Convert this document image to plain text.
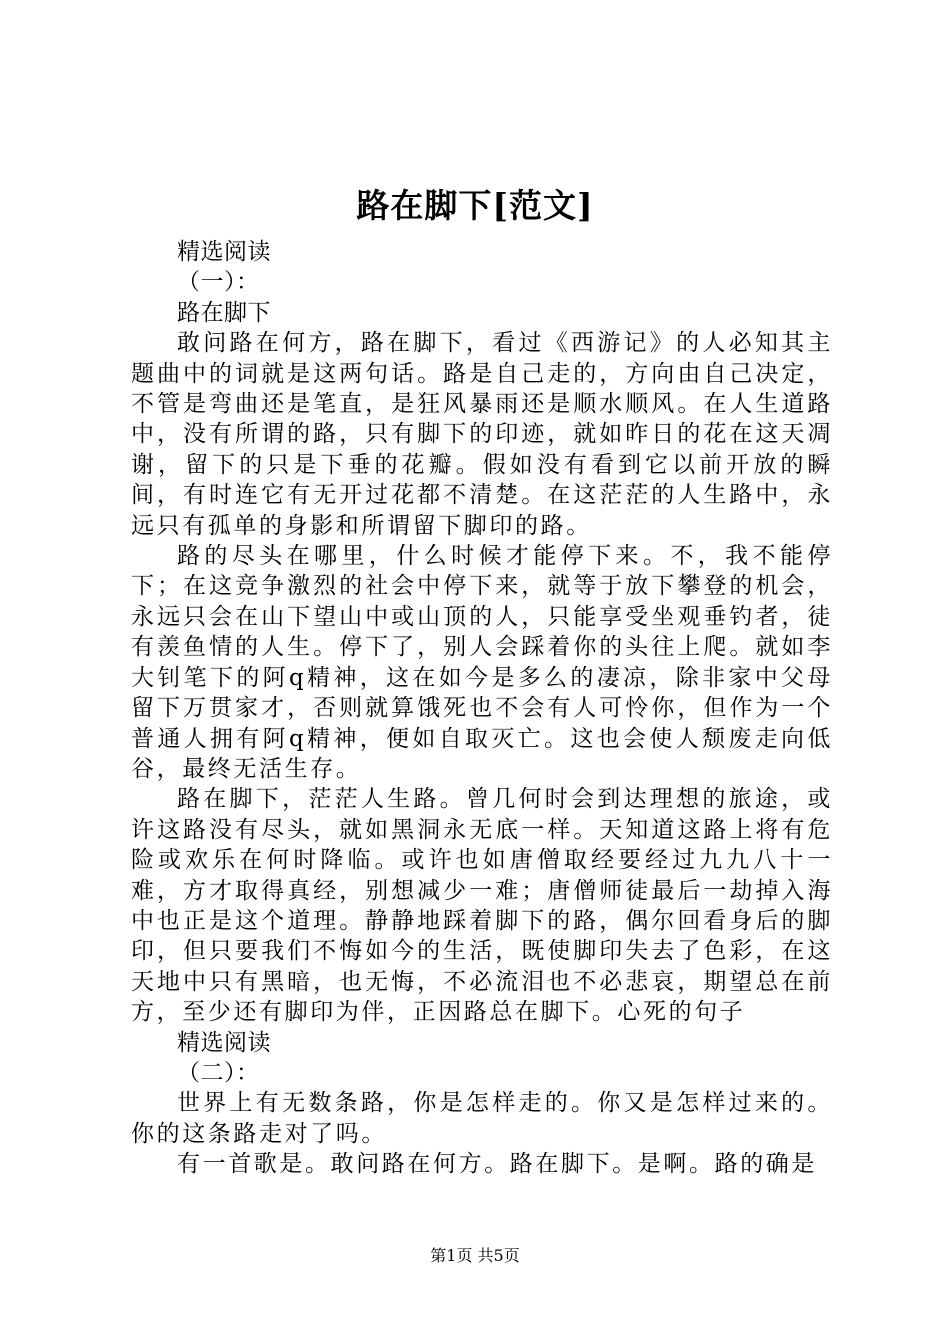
路在脚下[范文]

精选阅读

（一）：

路在脚下

敢问路在何方，路在脚下，看过《西游记》的人必知其主题曲中的词就是这两句话。路是自己走的，方向由自己决定，不管是弯曲还是笔直，是狂风暴雨还是顺水顺风。在人生道路中，没有所谓的路，只有脚下的印迹，就如昨日的花在这天凋谢，留下的只是下垂的花瓣。假如没有看到它以前开放的瞬间，有时连它有无开过花都不清楚。在这茫茫的人生路中，永远只有孤单的身影和所谓留下脚印的路。

路的尽头在哪里，什么时候才能停下来。不，我不能停下；在这竞争激烈的社会中停下来，就等于放下攀登的机会，永远只会在山下望山中或山顶的人，只能享受坐观垂钓者，徒有羡鱼情的人生。停下了，别人会踩着你的头往上爬。就如李大钊笔下的阿q精神，这在如今是多么的凄凉，除非家中父母留下万贯家才，否则就算饿死也不会有人可怜你，但作为一个普通人拥有阿q精神，便如自取灭亡。这也会使人颓废走向低谷，最终无活生存。

路在脚下，茫茫人生路。曾几何时会到达理想的旅途，或许这路没有尽头，就如黑洞永无底一样。天知道这路上将有危险或欢乐在何时降临。或许也如唐僧取经要经过九九八十一难，方才取得真经，别想减少一难；唐僧师徒最后一劫掉入海中也正是这个道理。静静地踩着脚下的路，偶尔回看身后的脚印，但只要我们不悔如今的生活，既使脚印失去了色彩，在这天地中只有黑暗，也无悔，不必流泪也不必悲哀，期望总在前方，至少还有脚印为伴，正因路总在脚下。心死的句子

精选阅读

（二）：

世界上有无数条路，你是怎样走的。你又是怎样过来的。你的这条路走对了吗。

有一首歌是。敢问路在何方。路在脚下。是啊。路的确是

第1页 共5页
